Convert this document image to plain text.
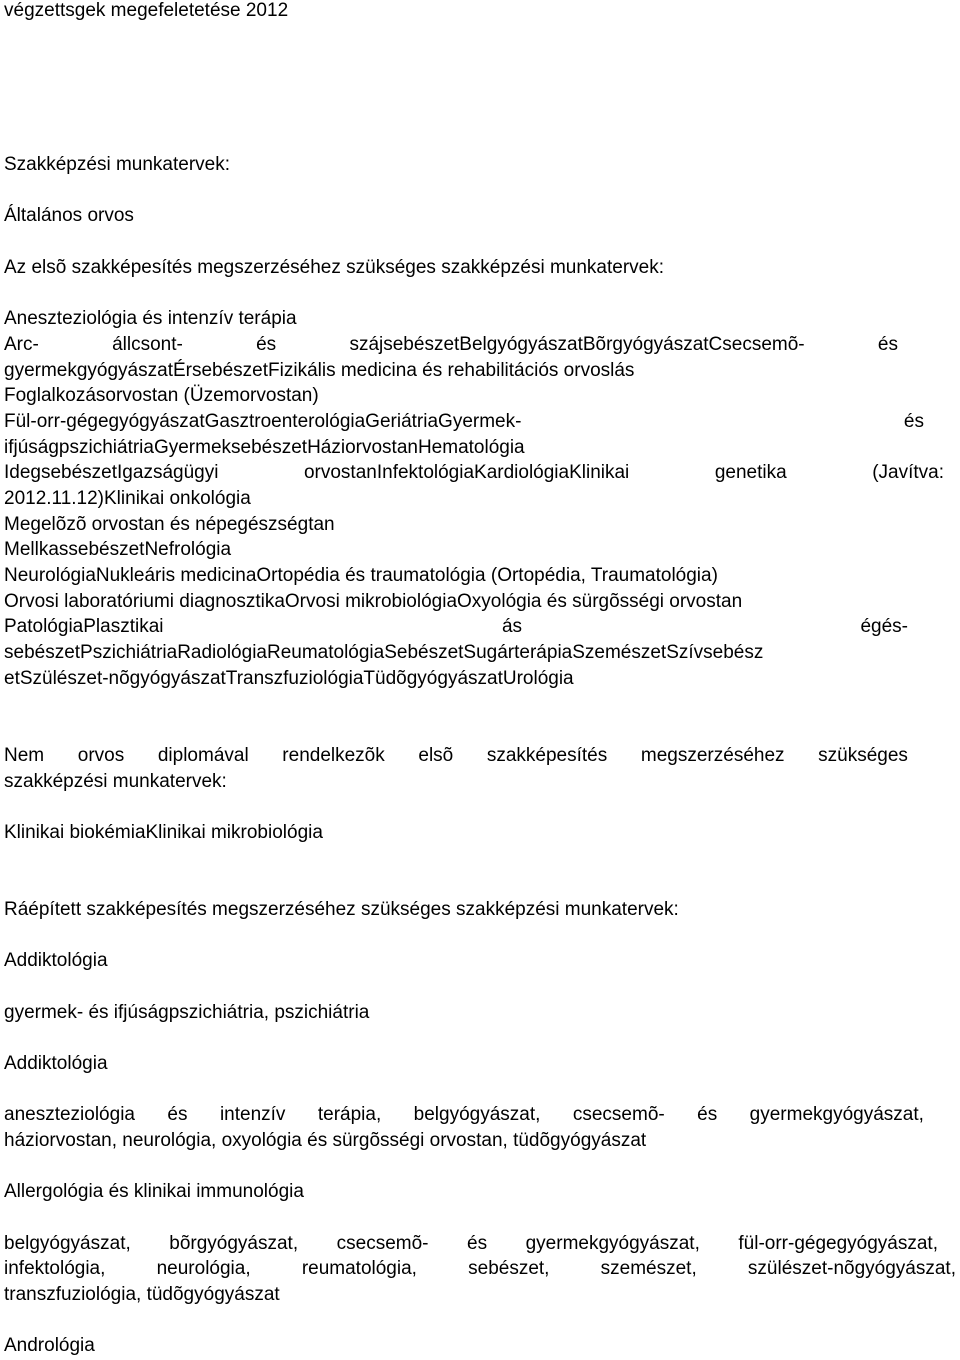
végzettsgek megefeletetése 2012
Szakképzési munkatervek:
Általános orvos
Az elsõ szakképesítés megszerzéséhez szükséges szakképzési munkatervek:
Aneszteziológia és intenzív terápia
Arc-	állcsont-	és	szájsebészetBelgyógyászatBõrgyógyászatCsecsemõ-	és
gyermekgyógyászatÉrsebészetFizikális medicina és rehabilitációs orvoslás
Foglalkozásorvostan (Üzemorvostan)
Fül-orr-gégegyógyászatGasztroenterológiaGeriátriaGyermek-	és
ifjúságpszichiátriaGyermeksebészetHáziorvostanHematológia
IdegsebészetIgazságügyi	orvostanInfektológiaKardiológiaKlinikai	genetika	(Javítva:
2012.11.12)Klinikai onkológia
Megelõzõ orvostan és népegészségtan
MellkassebészetNefrológia
NeurológiaNukleáris medicinaOrtopédia és traumatológia (Ortopédia, Traumatológia)
Orvosi laboratóriumi diagnosztikaOrvosi mikrobiológiaOxyológia és sürgõsségi orvostan
PatológiaPlasztikai	ás	égés-
sebészetPszichiátriaRadiológiaReumatológiaSebészetSugárterápiaSzemészetSzívsebész
etSzülészet-nõgyógyászatTranszfuziológiaTüdõgyógyászatUrológia
Nem orvos diplomával rendelkezõk elsõ szakképesítés megszerzéséhez szükséges
szakképzési munkatervek:
Klinikai biokémiaKlinikai mikrobiológia
Ráépített szakképesítés megszerzéséhez szükséges szakképzési munkatervek:
Addiktológia
gyermek- és ifjúságpszichiátria, pszichiátria
Addiktológia
aneszteziológia és intenzív terápia, belgyógyászat, csecsemõ- és gyermekgyógyászat,
háziorvostan, neurológia, oxyológia és sürgõsségi orvostan, tüdõgyógyászat
Allergológia és klinikai immunológia
belgyógyászat, bõrgyógyászat, csecsemõ- és gyermekgyógyászat, fül-orr-gégegyógyászat,
infektológia,	neurológia,	reumatológia,	sebészet,	szemészet,	szülészet-nõgyógyászat,
transzfuziológia, tüdõgyógyászat
Andrológia
